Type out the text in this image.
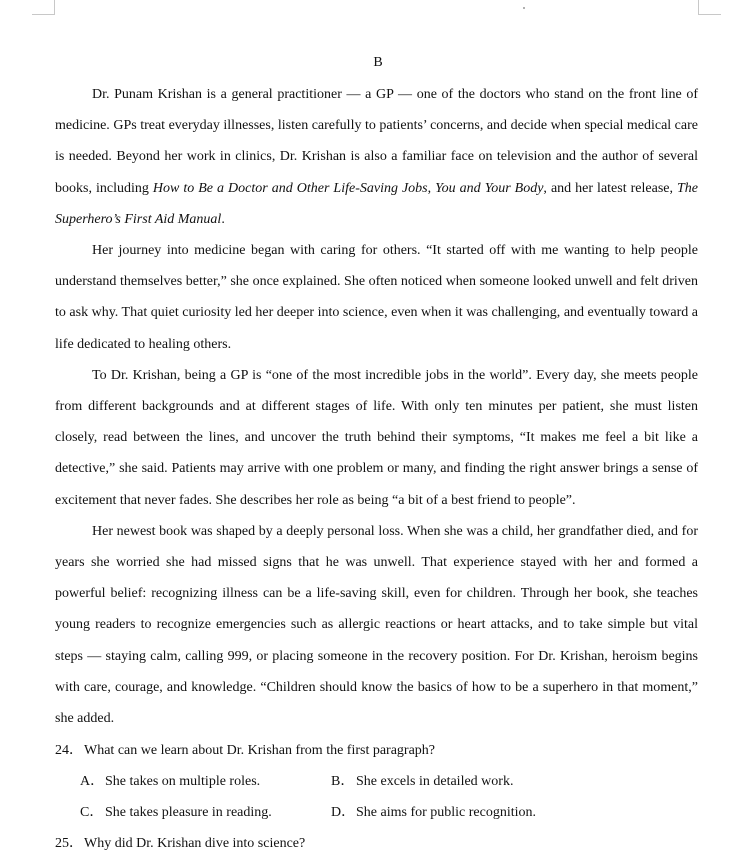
B

Dr. Punam Krishan is a general practitioner — a GP — one of the doctors who stand on the front line of medicine. GPs treat everyday illnesses, listen carefully to patients’ concerns, and decide when special medical care is needed. Beyond her work in clinics, Dr. Krishan is also a familiar face on television and the author of several books, including How to Be a Doctor and Other Life-Saving Jobs, You and Your Body, and her latest release, The Superhero’s First Aid Manual.

Her journey into medicine began with caring for others. “It started off with me wanting to help people understand themselves better,” she once explained. She often noticed when someone looked unwell and felt driven to ask why. That quiet curiosity led her deeper into science, even when it was challenging, and eventually toward a life dedicated to healing others.

To Dr. Krishan, being a GP is “one of the most incredible jobs in the world”. Every day, she meets people from different backgrounds and at different stages of life. With only ten minutes per patient, she must listen closely, read between the lines, and uncover the truth behind their symptoms, “It makes me feel a bit like a detective,” she said. Patients may arrive with one problem or many, and finding the right answer brings a sense of excitement that never fades. She describes her role as being “a bit of a best friend to people”.

Her newest book was shaped by a deeply personal loss. When she was a child, her grandfather died, and for years she worried she had missed signs that he was unwell. That experience stayed with her and formed a powerful belief: recognizing illness can be a life-saving skill, even for children. Through her book, she teaches young readers to recognize emergencies such as allergic reactions or heart attacks, and to take simple but vital steps — staying calm, calling 999, or placing someone in the recovery position. For Dr. Krishan, heroism begins with care, courage, and knowledge. “Children should know the basics of how to be a superhero in that moment,” she added.

24．What can we learn about Dr. Krishan from the first paragraph?
A．She takes on multiple roles.	B． She excels in detailed work.
C． She takes pleasure in reading.	D．She aims for public recognition.
25．Why did Dr. Krishan dive into science?
